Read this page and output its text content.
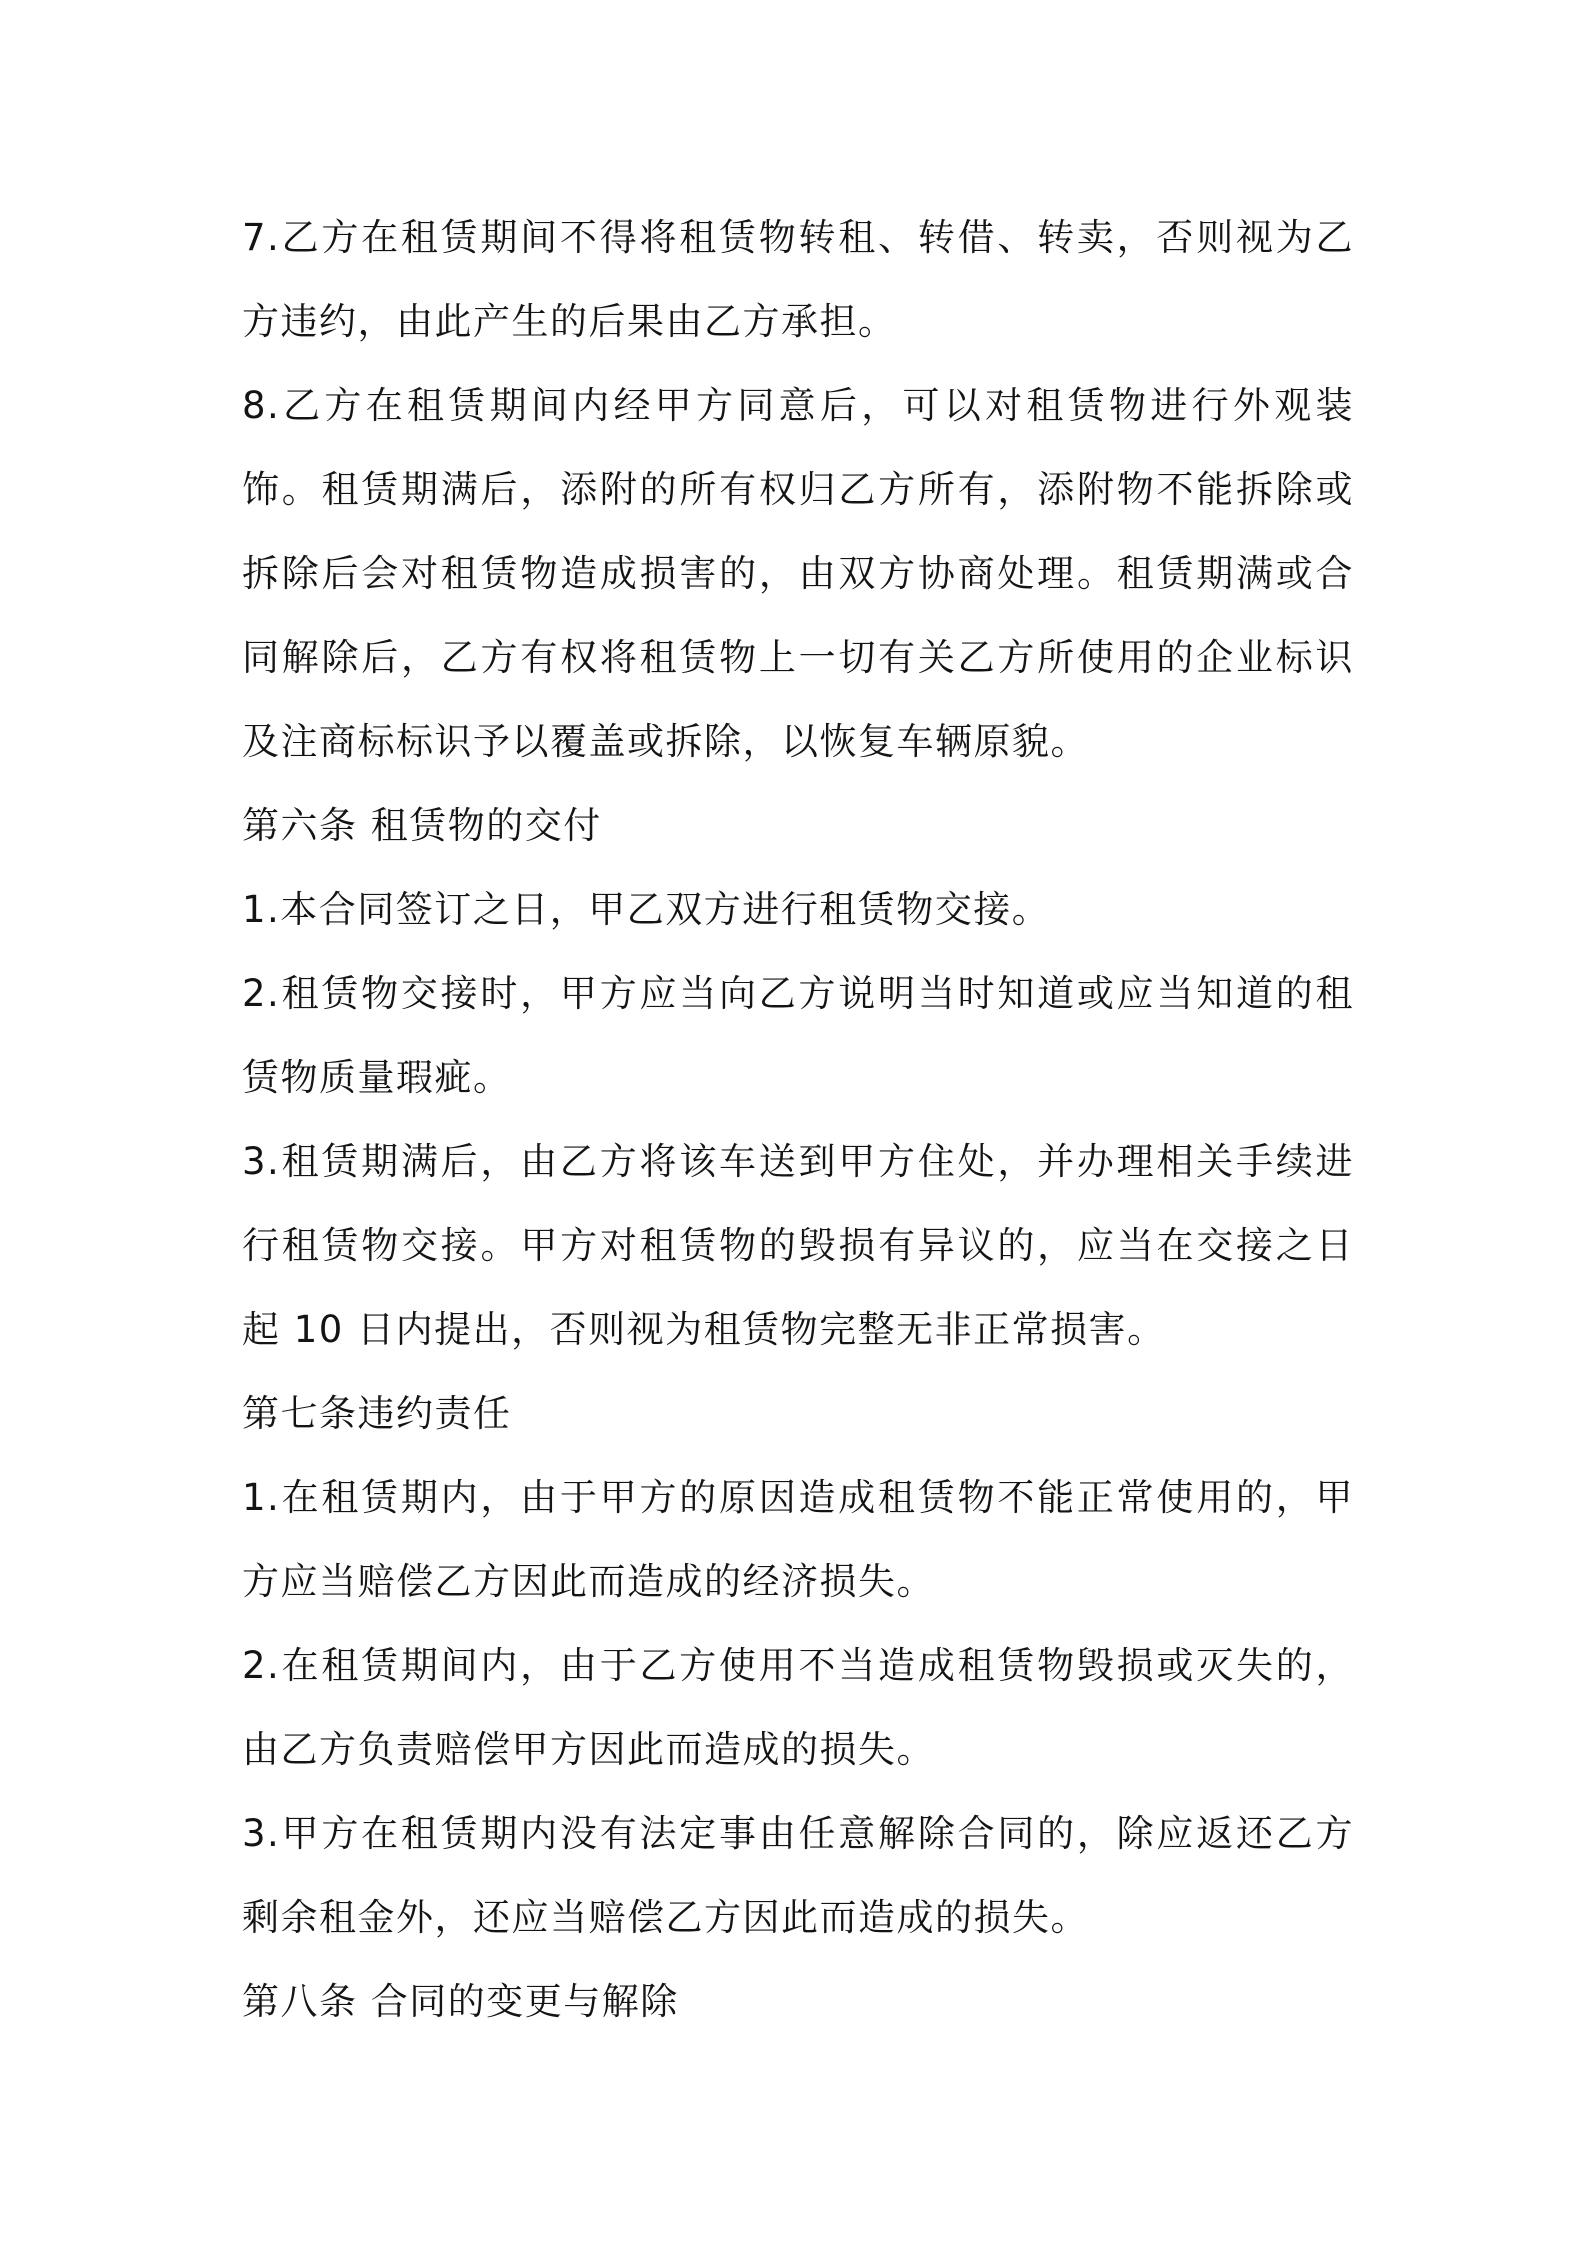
7.乙方在租赁期间不得将租赁物转租、转借、转卖，否则视为乙方违约，由此产生的后果由乙方承担。

8.乙方在租赁期间内经甲方同意后，可以对租赁物进行外观装饰。租赁期满后，添附的所有权归乙方所有，添附物不能拆除或拆除后会对租赁物造成损害的，由双方协商处理。租赁期满或合同解除后，乙方有权将租赁物上一切有关乙方所使用的企业标识及注商标标识予以覆盖或拆除，以恢复车辆原貌。

第六条 租赁物的交付

1.本合同签订之日，甲乙双方进行租赁物交接。

2.租赁物交接时，甲方应当向乙方说明当时知道或应当知道的租赁物质量瑕疵。

3.租赁期满后，由乙方将该车送到甲方住处，并办理相关手续进行租赁物交接。甲方对租赁物的毁损有异议的，应当在交接之日起 10 日内提出，否则视为租赁物完整无非正常损害。

第七条违约责任

1.在租赁期内，由于甲方的原因造成租赁物不能正常使用的，甲方应当赔偿乙方因此而造成的经济损失。

2.在租赁期间内，由于乙方使用不当造成租赁物毁损或灭失的，由乙方负责赔偿甲方因此而造成的损失。

3.甲方在租赁期内没有法定事由任意解除合同的，除应返还乙方剩余租金外，还应当赔偿乙方因此而造成的损失。

第八条 合同的变更与解除
